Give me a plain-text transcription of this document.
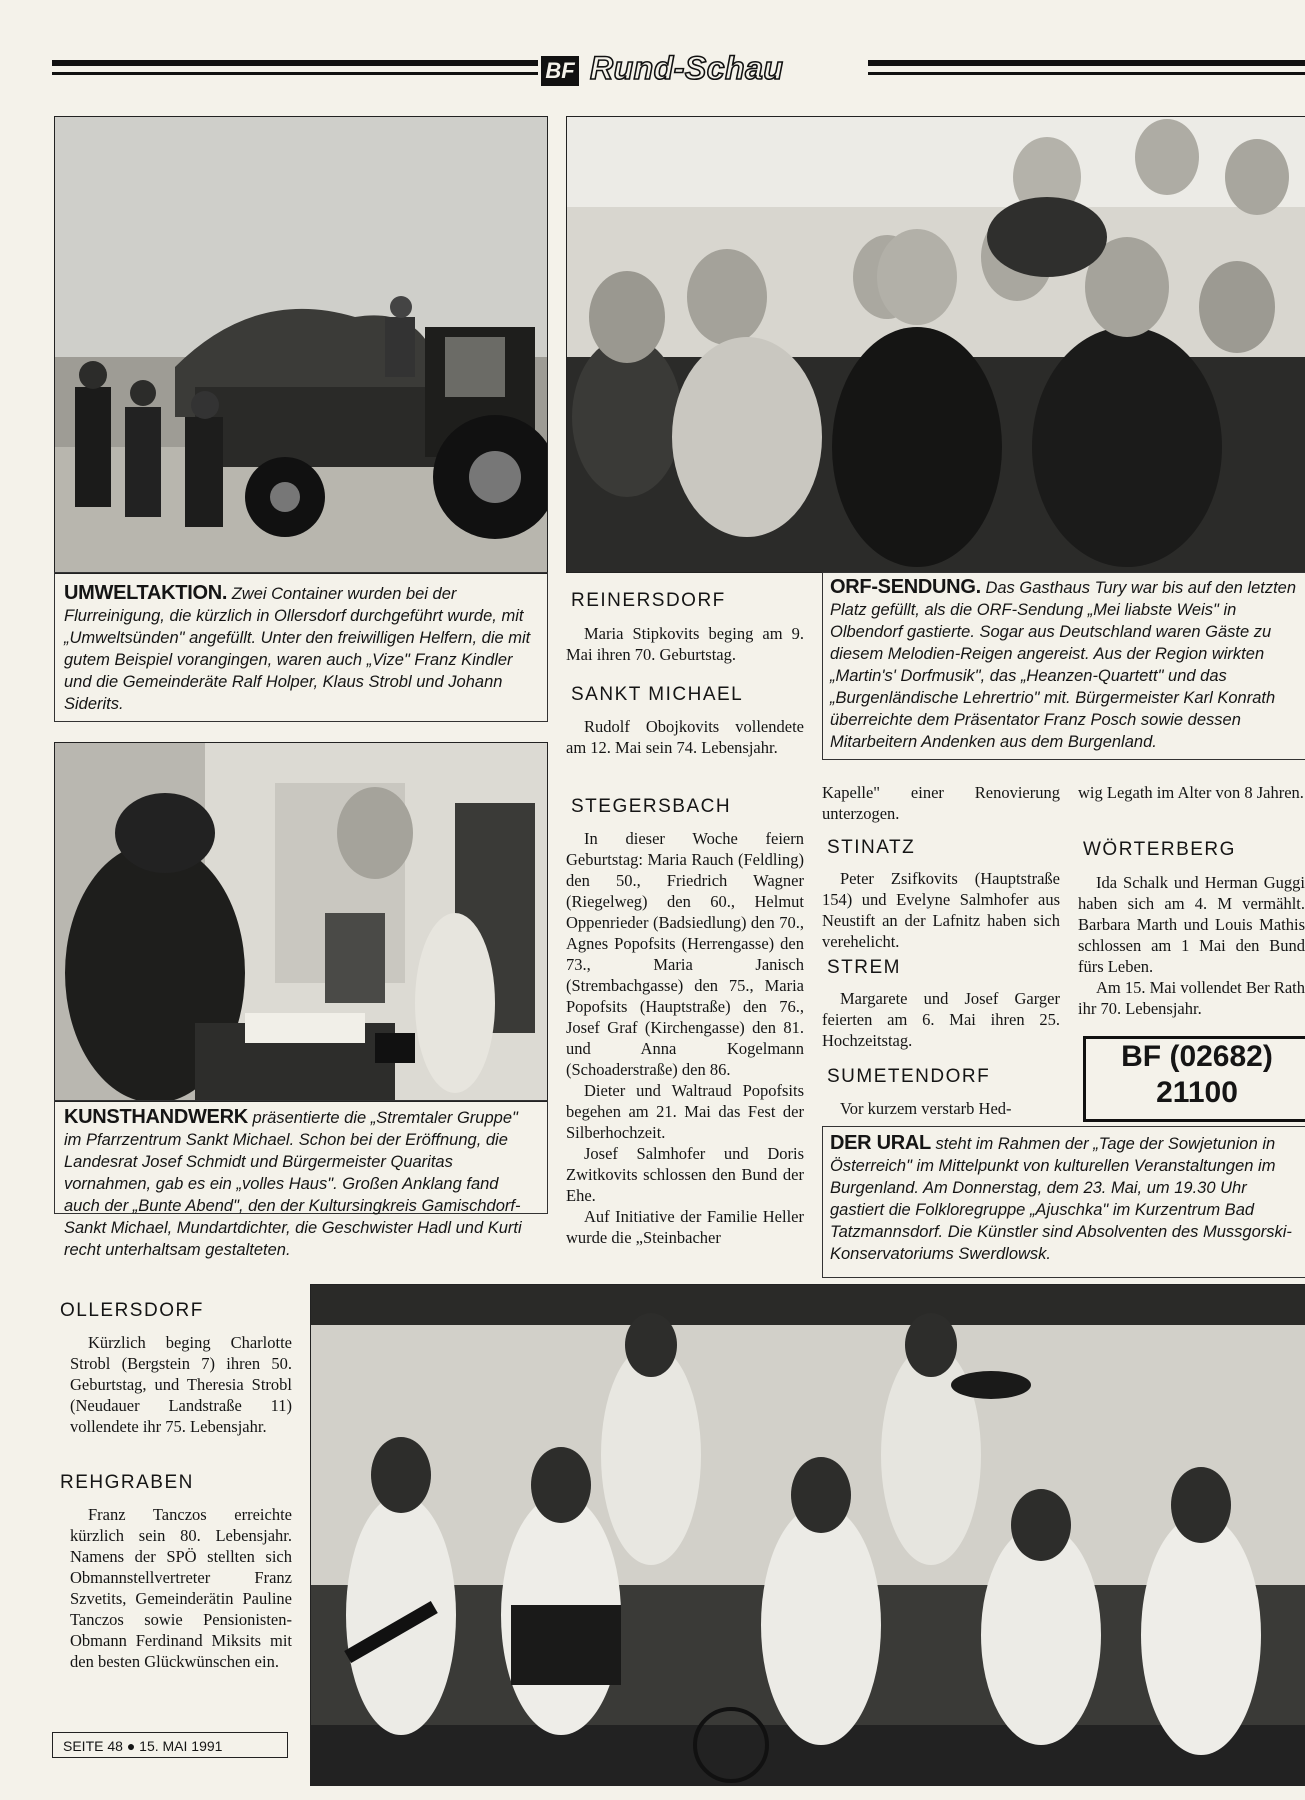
BF Rund-Schau
UMWELTAKTION. Zwei Container wurden bei der Flurreinigung, die kürzlich in Ollersdorf durchgeführt wurde, mit „Umweltsünden" angefüllt. Unter den freiwilligen Helfern, die mit gutem Beispiel vorangingen, waren auch „Vize" Franz Kindler und die Gemeinderäte Ralf Holper, Klaus Strobl und Johann Siderits.
KUNSTHANDWERK präsentierte die „Stremtaler Gruppe" im Pfarrzentrum Sankt Michael. Schon bei der Eröffnung, die Landesrat Josef Schmidt und Bürgermeister Quaritas vornahmen, gab es ein „volles Haus". Großen Anklang fand auch der „Bunte Abend", den der Kultursingkreis Gamischdorf-Sankt Michael, Mundartdichter, die Geschwister Hadl und Kurti recht unterhaltsam gestalteten.
REINERSDORF

Maria Stipkovits beging am 9. Mai ihren 70. Geburtstag.

SANKT MICHAEL

Rudolf Obojkovits vollendete am 12. Mai sein 74. Lebensjahr.

STEGERSBACH

In dieser Woche feiern Geburtstag: Maria Rauch (Feldling) den 50., Friedrich Wagner (Riegelweg) den 60., Helmut Oppenrieder (Badsiedlung) den 70., Agnes Popofsits (Herrengasse) den 73., Maria Janisch (Strembachgasse) den 75., Maria Popofsits (Hauptstraße) den 76., Josef Graf (Kirchengasse) den 81. und Anna Kogelmann (Schoaderstraße) den 86.

Dieter und Waltraud Popofsits begehen am 21. Mai das Fest der Silberhochzeit.

Josef Salmhofer und Doris Zwitkovits schlossen den Bund der Ehe.

Auf Initiative der Familie Heller wurde die „Steinbacher

ORF-SENDUNG. Das Gasthaus Tury war bis auf den letzten Platz gefüllt, als die ORF-Sendung „Mei liabste Weis" in Olbendorf gastierte. Sogar aus Deutschland waren Gäste zu diesem Melodien-Reigen angereist. Aus der Region wirkten „Martin's' Dorfmusik", das „Heanzen-Quartett" und das „Burgenländische Lehrertrio" mit. Bürgermeister Karl Konrath überreichte dem Präsentator Franz Posch sowie dessen Mitarbeitern Andenken aus dem Burgenland.

Kapelle" einer Renovierung unterzogen.

STINATZ

Peter Zsifkovits (Hauptstraße 154) und Evelyne Salmhofer aus Neustift an der Lafnitz haben sich verehelicht.

STREM

Margarete und Josef Garger feierten am 6. Mai ihren 25. Hochzeitstag.

SUMETENDORF

Vor kurzem verstarb Hed-

wig Legath im Alter von 8 Jahren.

WÖRTERBERG

Ida Schalk und Herman Guggi haben sich am 4. M vermählt. Barbara Marth und Louis Mathis schlossen am 1 Mai den Bund fürs Leben.

Am 15. Mai vollendet Ber Rath ihr 70. Lebensjahr.

BF (02682)
21100
DER URAL steht im Rahmen der „Tage der Sowjetunion in Österreich" im Mittelpunkt von kulturellen Veranstaltungen im Burgenland. Am Donnerstag, dem 23. Mai, um 19.30 Uhr gastiert die Folkloregruppe „Ajuschka" im Kurzentrum Bad Tatzmannsdorf. Die Künstler sind Absolventen des Mussgorski-Konservatoriums Swerdlowsk.
OLLERSDORF

Kürzlich beging Charlotte Strobl (Bergstein 7) ihren 50. Geburtstag, und Theresia Strobl (Neudauer Landstraße 11) vollendete ihr 75. Lebensjahr.

REHGRABEN

Franz Tanczos erreichte kürzlich sein 80. Lebensjahr. Namens der SPÖ stellten sich Obmannstellvertreter Franz Szvetits, Gemeinderätin Pauline Tanczos sowie Pensionisten-Obmann Ferdinand Miksits mit den besten Glückwünschen ein.

SEITE 48 ● 15. MAI 1991
